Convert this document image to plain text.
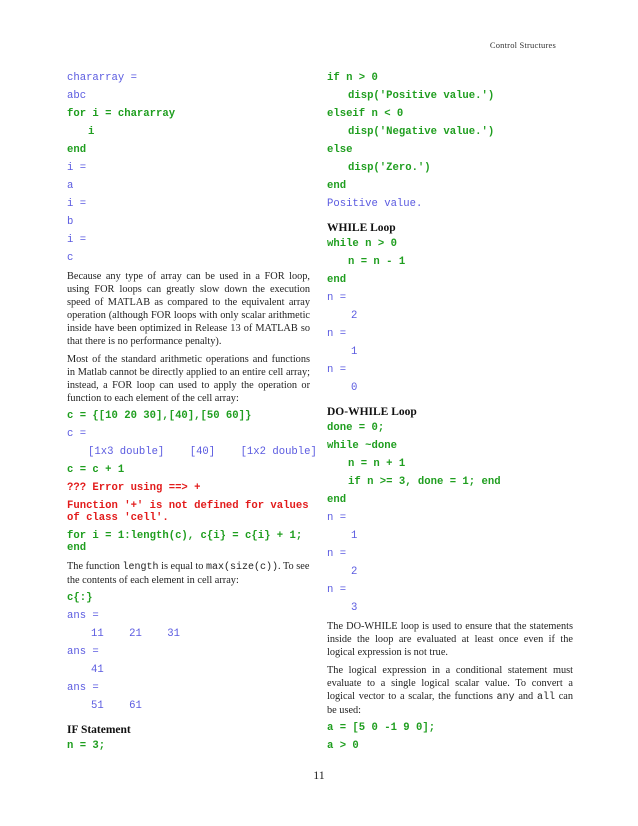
Control Structures
chararray =
abc
for i = chararray
i
end
i =
a
i =
b
i =
c

Because any type of array can be used in a FOR loop, using FOR loops can greatly slow down the execution speed of MATLAB as compared to the equivalent array operation (although FOR loops with only scalar arithmetic inside have been optimized in Release 13 of MATLAB so that there is no performance penalty).

Most of the standard arithmetic operations and functions in Matlab cannot be directly applied to an entire cell array; instead, a FOR loop can used to apply the operation or function to each element of the cell array:

c = {[10 20 30],[40],[50 60]}
c =
[1x3 double]    [40]    [1x2 double]
c = c + 1
??? Error using ==> +
Function '+' is not defined for values
of class 'cell'.
for i = 1:length(c), c{i} = c{i} + 1;
end

The function length is equal to max(size(c)). To see the contents of each element in cell array:

c{:}
ans =
11    21    31
ans =
41
ans =
51    61
IF Statement
n = 3;
if n > 0
disp('Positive value.')
elseif n < 0
disp('Negative value.')
else
disp('Zero.')
end
Positive value.
WHILE Loop
while n > 0
n = n - 1
end
n =
2
n =
1
n =
0
DO-WHILE Loop
done = 0;
while ~done
n = n + 1
if n >= 3, done = 1; end
end
n =
1
n =
2
n =
3

The DO-WHILE loop is used to ensure that the statements inside the loop are evaluated at least once even if the logical expression is not true.

The logical expression in a conditional statement must evaluate to a single logical scalar value. To convert a logical vector to a scalar, the functions any and all can be used:

a = [5 0 -1 9 0];
a > 0
11
